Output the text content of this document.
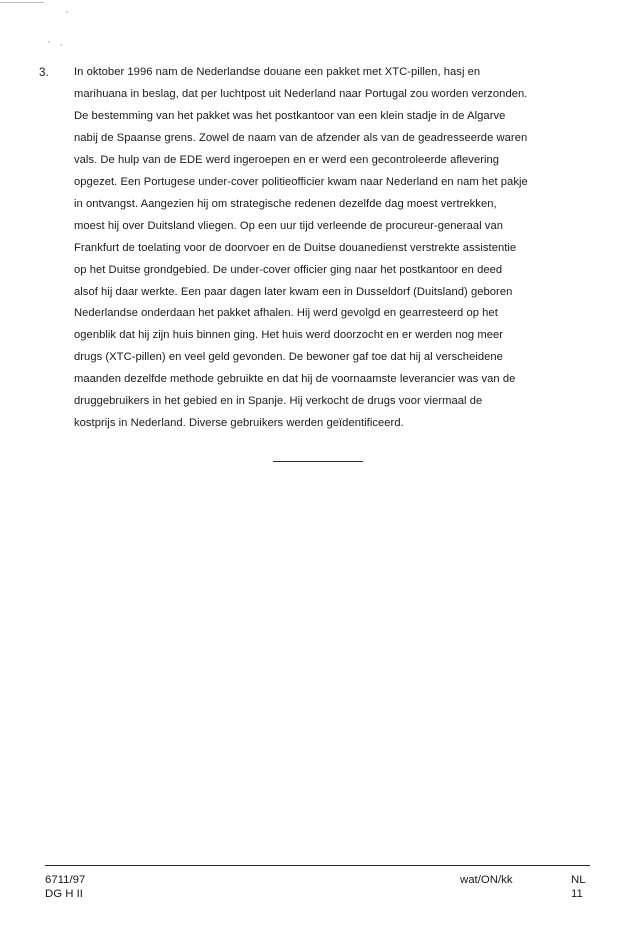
3. In oktober 1996 nam de Nederlandse douane een pakket met XTC-pillen, hasj en
marihuana in beslag, dat per luchtpost uit Nederland naar Portugal zou worden verzonden.
De bestemming van het pakket was het postkantoor van een klein stadje in de Algarve
nabij de Spaanse grens. Zowel de naam van de afzender als van de geadresseerde waren
vals. De hulp van de EDE werd ingeroepen en er werd een gecontroleerde aflevering
opgezet. Een Portugese under-cover politieofficier kwam naar Nederland en nam het pakje
in ontvangst. Aangezien hij om strategische redenen dezelfde dag moest vertrekken,
moest hij over Duitsland vliegen. Op een uur tijd verleende de procureur-generaal van
Frankfurt de toelating voor de doorvoer en de Duitse douanedienst verstrekte assistentie
op het Duitse grondgebied. De under-cover officier ging naar het postkantoor en deed
alsof hij daar werkte. Een paar dagen later kwam een in Dusseldorf (Duitsland) geboren
Nederlandse onderdaan het pakket afhalen. Hij werd gevolgd en gearresteerd op het
ogenblik dat hij zijn huis binnen ging. Het huis werd doorzocht en er werden nog meer
drugs (XTC-pillen) en veel geld gevonden. De bewoner gaf toe dat hij al verscheidene
maanden dezelfde methode gebruikte en dat hij de voornaamste leverancier was van de
druggebruikers in het gebied en in Spanje. Hij verkocht de drugs voor viermaal de
kostprijs in Nederland. Diverse gebruikers werden geïdentificeerd.

6711/97
DG H II
wat/ON/kk	NL
11
